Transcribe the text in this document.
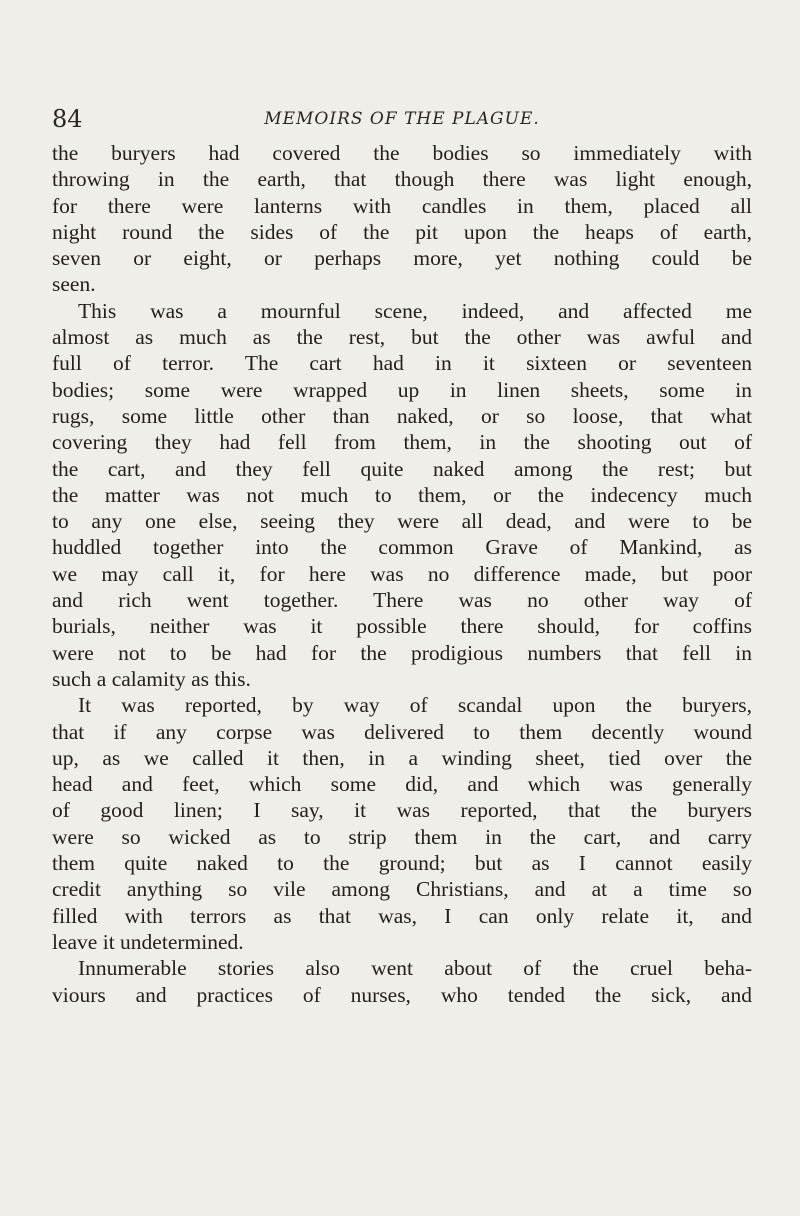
84	MEMOIRS OF THE PLAGUE.
the buryers had covered the bodies so immediately with
throwing in the earth, that though there was light enough,
for there were lanterns with candles in them, placed all
night round the sides of the pit upon the heaps of earth,
seven or eight, or perhaps more, yet nothing could be
seen.
This was a mournful scene, indeed, and affected me
almost as much as the rest, but the other was awful and
full of terror. The cart had in it sixteen or seventeen
bodies; some were wrapped up in linen sheets, some in
rugs, some little other than naked, or so loose, that what
covering they had fell from them, in the shooting out of
the cart, and they fell quite naked among the rest; but
the matter was not much to them, or the indecency much
to any one else, seeing they were all dead, and were to be
huddled together into the common Grave of Mankind, as
we may call it, for here was no difference made, but poor
and rich went together. There was no other way of
burials, neither was it possible there should, for coffins
were not to be had for the prodigious numbers that fell in
such a calamity as this.
It was reported, by way of scandal upon the buryers,
that if any corpse was delivered to them decently wound
up, as we called it then, in a winding sheet, tied over the
head and feet, which some did, and which was generally
of good linen; I say, it was reported, that the buryers
were so wicked as to strip them in the cart, and carry
them quite naked to the ground; but as I cannot easily
credit anything so vile among Christians, and at a time so
filled with terrors as that was, I can only relate it, and
leave it undetermined.
Innumerable stories also went about of the cruel beha-
viours and practices of nurses, who tended the sick, and
